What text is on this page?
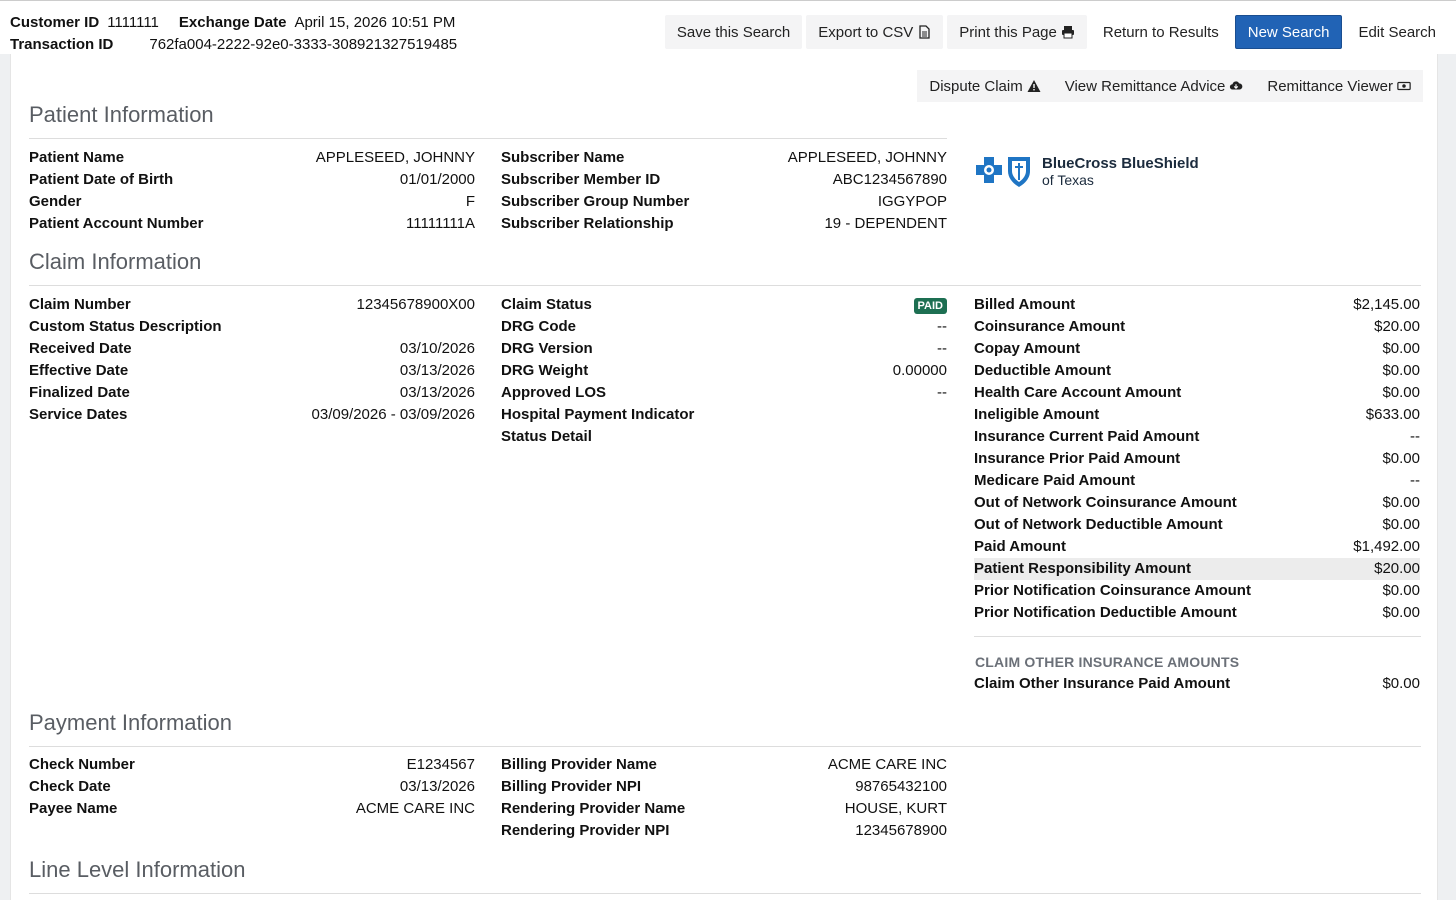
Customer ID 1111111 Exchange Date April 15, 2026 10:51 PM
Transaction ID 762fa004-2222-92e0-3333-308921327519485
Save this Search Export to CSV	Print this Page	Return to Results New Search Edit Search
Dispute Claim	View Remittance Advice	Remittance Viewer
Patient Information
Patient Name	APPLESEED, JOHNNY
Patient Date of Birth	01/01/2000
Gender	F
Patient Account Number	11111111A
Subscriber Name	APPLESEED, JOHNNY
Subscriber Member ID	ABC1234567890
Subscriber Group Number	IGGYPOP
Subscriber Relationship	19 - DEPENDENT
BlueCross BlueShield
of Texas
Claim Information
Claim Number	12345678900X00
Custom Status Description
Received Date	03/10/2026
Effective Date	03/13/2026
Finalized Date	03/13/2026
Service Dates	03/09/2026 - 03/09/2026
Claim Status	PAID
DRG Code	--
DRG Version	--
DRG Weight	0.00000
Approved LOS	--
Hospital Payment Indicator
Status Detail
Billed Amount	$2,145.00
Coinsurance Amount	$20.00
Copay Amount	$0.00
Deductible Amount	$0.00
Health Care Account Amount	$0.00
Ineligible Amount	$633.00
Insurance Current Paid Amount	--
Insurance Prior Paid Amount	$0.00
Medicare Paid Amount	--
Out of Network Coinsurance Amount	$0.00
Out of Network Deductible Amount	$0.00
Paid Amount	$1,492.00
Patient Responsibility Amount	$20.00
Prior Notification Coinsurance Amount	$0.00
Prior Notification Deductible Amount	$0.00
CLAIM OTHER INSURANCE AMOUNTS
Claim Other Insurance Paid Amount	$0.00
Payment Information
Check Number	E1234567
Check Date	03/13/2026
Payee Name	ACME CARE INC
Billing Provider Name	ACME CARE INC
Billing Provider NPI	98765432100
Rendering Provider Name	HOUSE, KURT
Rendering Provider NPI	12345678900
Line Level Information
